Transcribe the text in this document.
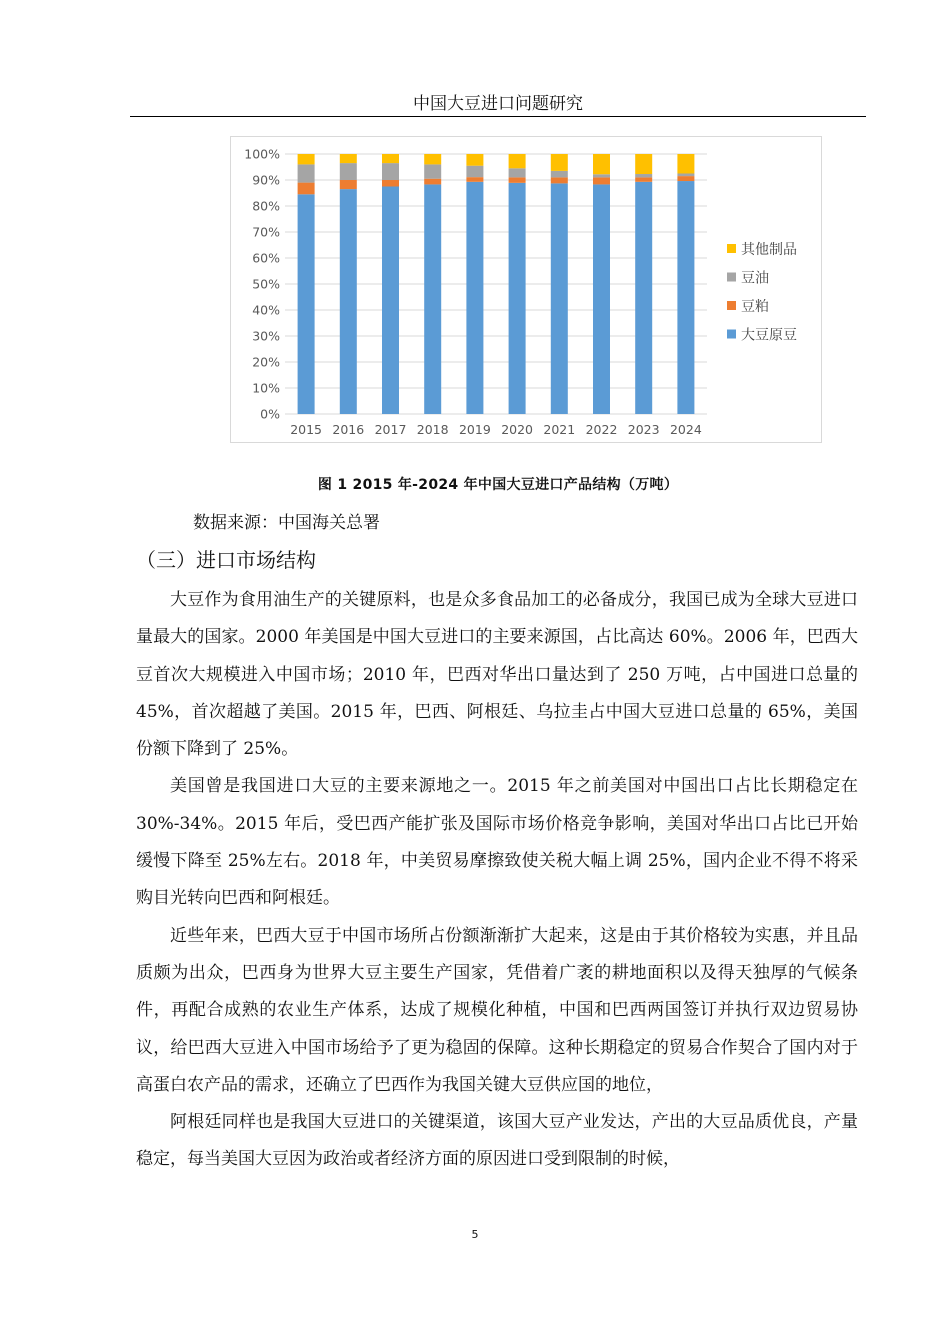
中国大豆进口问题研究
0%
10%
20%
30%
40%
50%
60%
70%
80%
90%
100%
2015 2016 2017 2018 2019 2020 2021 2022 2023 2024
其他制品
豆油
豆粕
大豆原豆
图 1 2015 年-2024 年中国大豆进口产品结构（万吨）
数据来源：中国海关总署
（三）进口市场结构

大豆作为食用油生产的关键原料，也是众多食品加工的必备成分，我国已成为全球大豆进口量最大的国家。2000 年美国是中国大豆进口的主要来源国，占比高达 60%。2006 年，巴西大豆首次大规模进入中国市场；2010 年，巴西对华出口量达到了 250 万吨，占中国进口总量的 45%，首次超越了美国。2015 年，巴西、阿根廷、乌拉圭占中国大豆进口总量的 65%，美国份额下降到了 25%。

美国曾是我国进口大豆的主要来源地之一。2015 年之前美国对中国出口占比长期稳定在 30%-34%。2015 年后，受巴西产能扩张及国际市场价格竞争影响，美国对华出口占比已开始缓慢下降至 25%左右。2018 年，中美贸易摩擦致使关税大幅上调 25%，国内企业不得不将采购目光转向巴西和阿根廷。

近些年来，巴西大豆于中国市场所占份额渐渐扩大起来，这是由于其价格较为实惠，并且品质颇为出众，巴西身为世界大豆主要生产国家，凭借着广袤的耕地面积以及得天独厚的气候条件，再配合成熟的农业生产体系，达成了规模化种植，中国和巴西两国签订并执行双边贸易协议，给巴西大豆进入中国市场给予了更为稳固的保障。这种长期稳定的贸易合作契合了国内对于高蛋白农产品的需求，还确立了巴西作为我国关键大豆供应国的地位，

阿根廷同样也是我国大豆进口的关键渠道，该国大豆产业发达，产出的大豆品质优良，产量稳定，每当美国大豆因为政治或者经济方面的原因进口受到限制的时候，

5
